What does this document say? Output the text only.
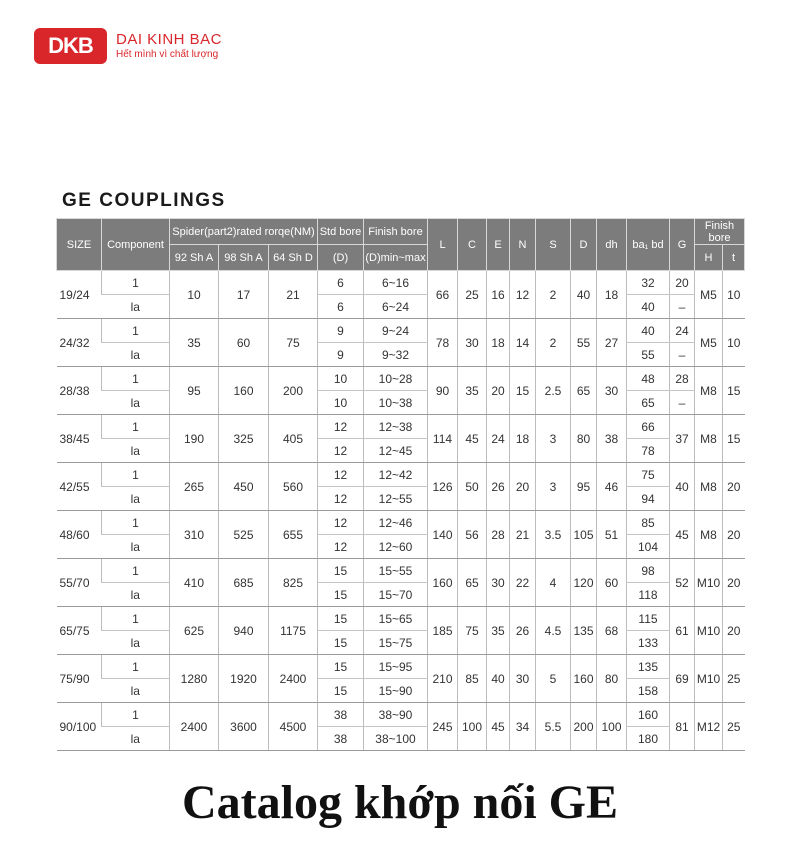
DKB	DAI KINH BAC
Hết mình vì chất lượng
GE COUPLINGS
SIZE	Component	Spider(part2)rated rorqe(NM)			Std bore	Finish bore	L	C	E	N	S	D	dh	ba₁ bd	G	Finish bore	
		92 Sh A	98 Sh A	64 Sh D	(D)	(D)min~max										H	t
19/24	1	10	17	21	6	6~16	66	25	16	12	2	40	18	32	20	M5	10
	la				6	6~24								40	–		
24/32	1	35	60	75	9	9~24	78	30	18	14	2	55	27	40	24	M5	10
	la				9	9~32								55	–		
28/38	1	95	160	200	10	10~28	90	35	20	15	2.5	65	30	48	28	M8	15
	la				10	10~38								65	–		
38/45	1	190	325	405	12	12~38	114	45	24	18	3	80	38	66	37	M8	15
	la				12	12~45								78			
42/55	1	265	450	560	12	12~42	126	50	26	20	3	95	46	75	40	M8	20
	la				12	12~55								94			
48/60	1	310	525	655	12	12~46	140	56	28	21	3.5	105	51	85	45	M8	20
	la				12	12~60								104			
55/70	1	410	685	825	15	15~55	160	65	30	22	4	120	60	98	52	M10	20
	la				15	15~70								118			
65/75	1	625	940	1175	15	15~65	185	75	35	26	4.5	135	68	115	61	M10	20
	la				15	15~75								133			
75/90	1	1280	1920	2400	15	15~95	210	85	40	30	5	160	80	135	69	M10	25
	la				15	15~90								158			
90/100	1	2400	3600	4500	38	38~90	245	100	45	34	5.5	200	100	160	81	M12	25
	la				38	38~100								180			
Catalog khớp nối GE
